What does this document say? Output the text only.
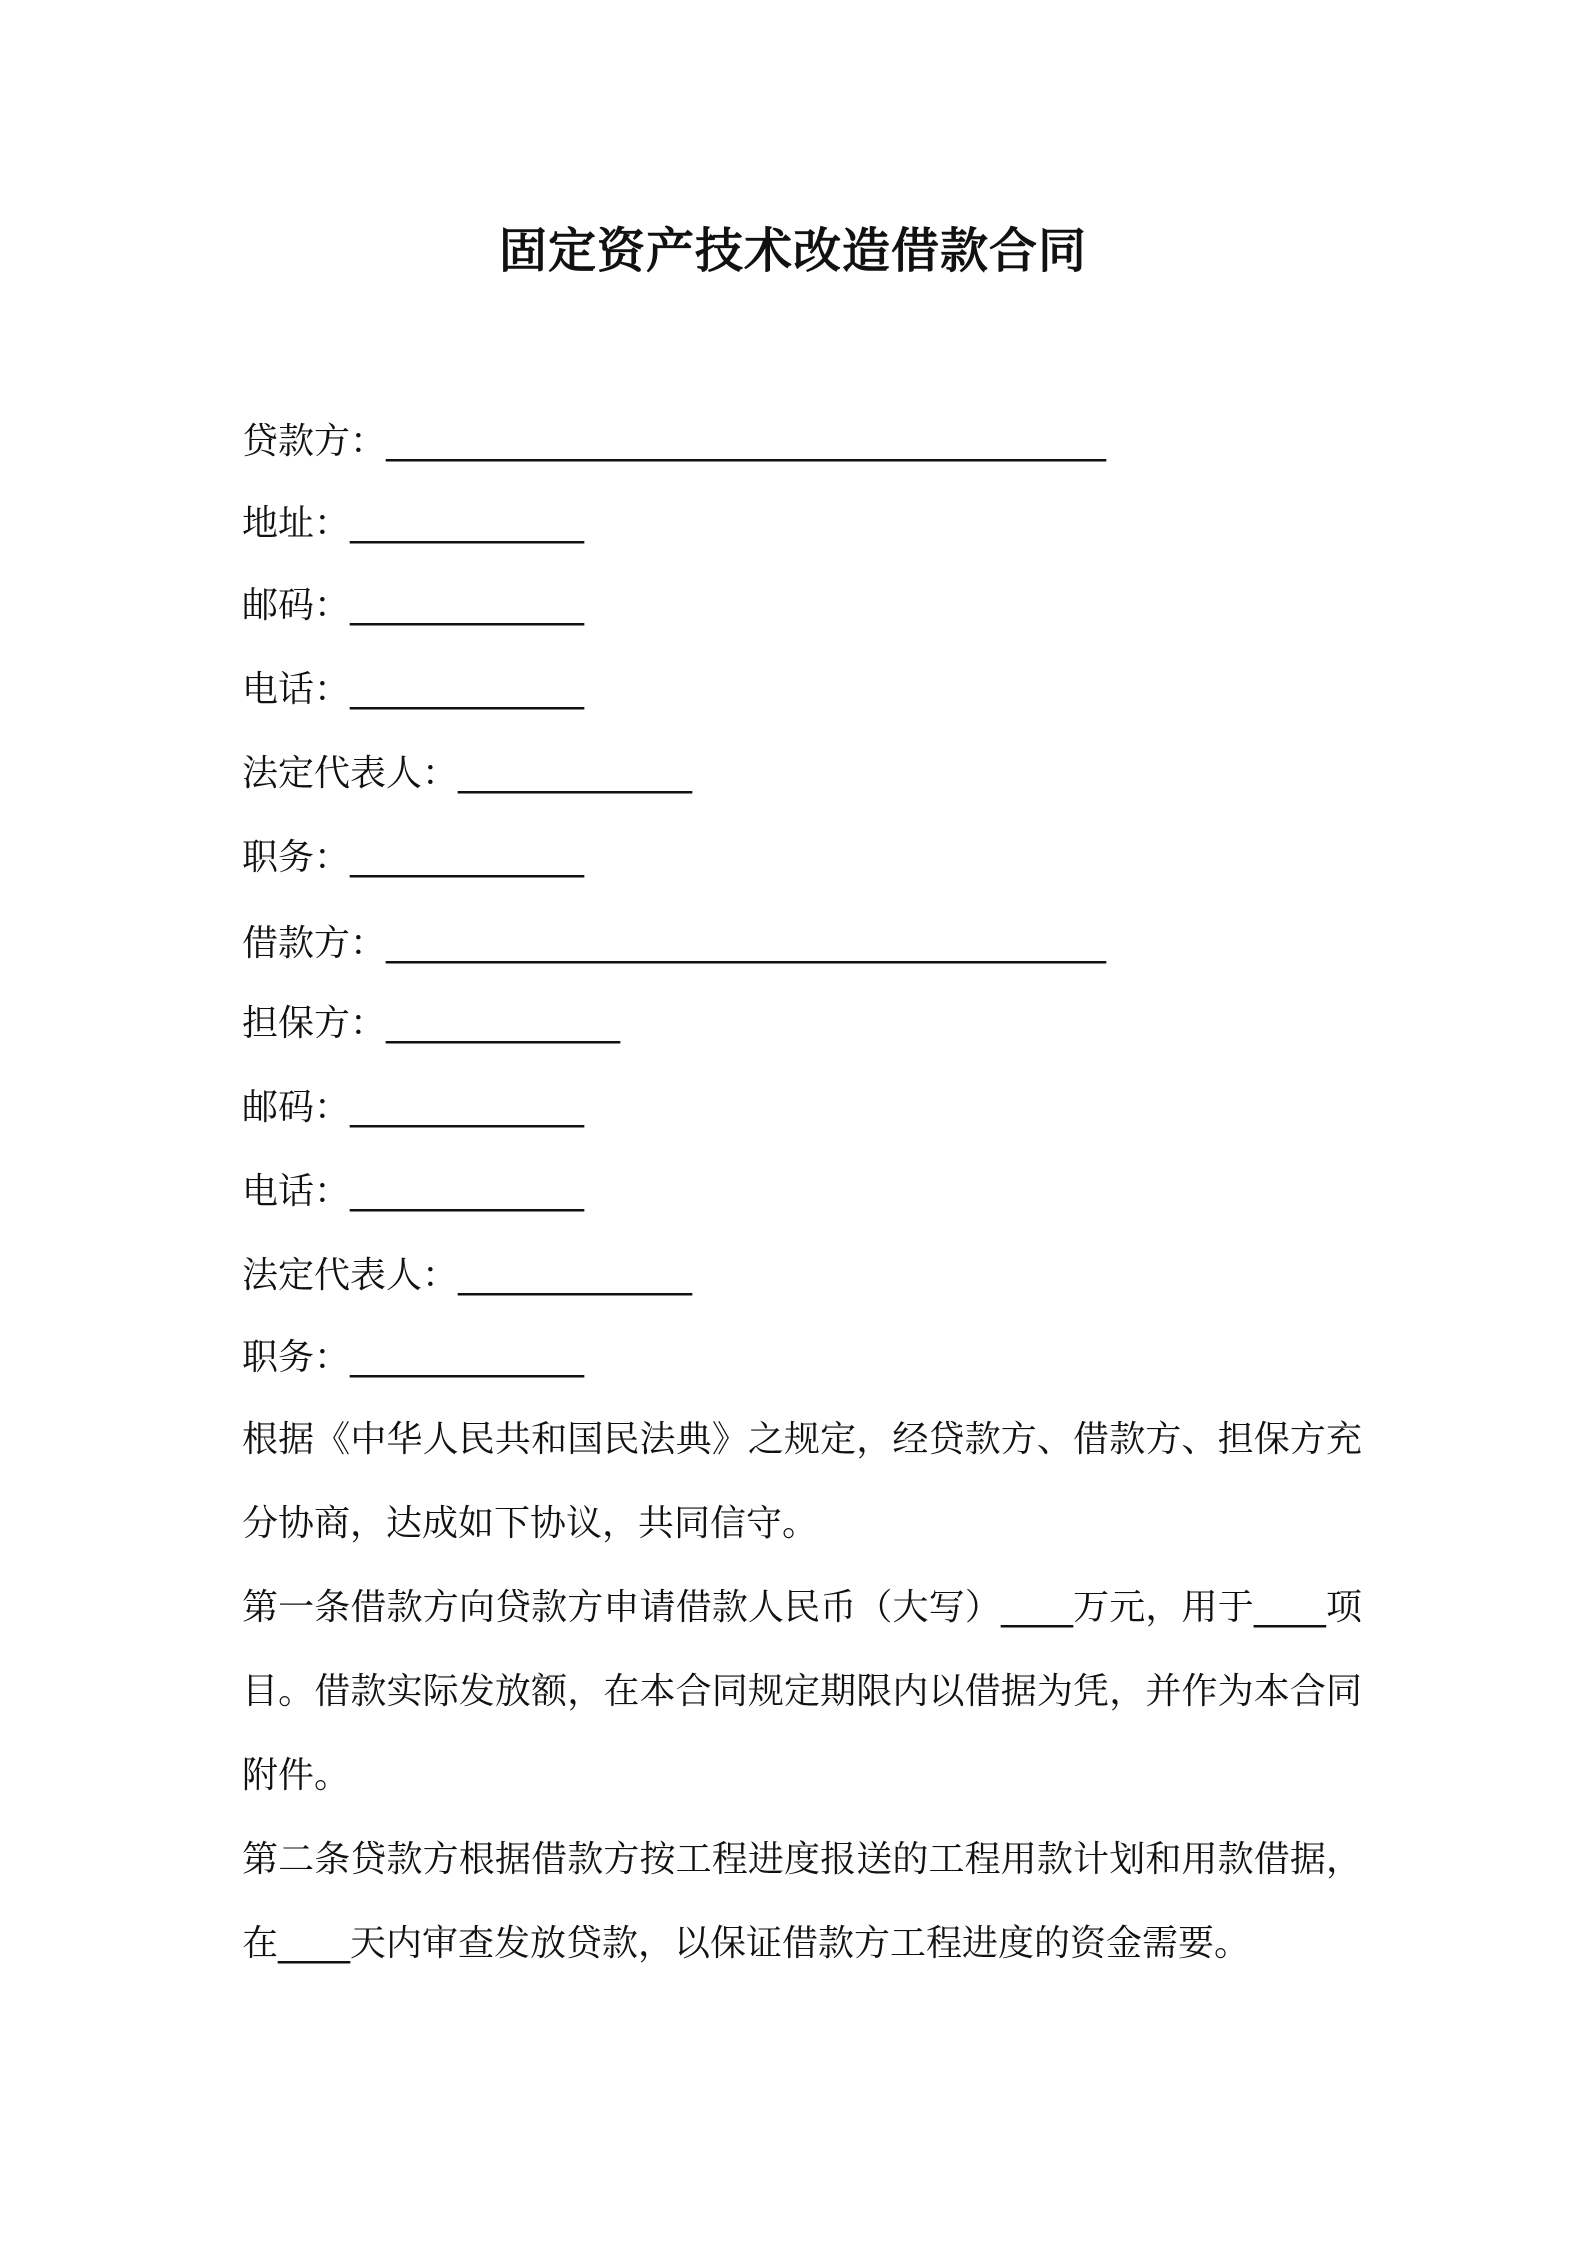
固定资产技术改造借款合同
贷款方：________________________________________
地址：_____________
邮码：_____________
电话：_____________
法定代表人：_____________
职务：_____________
借款方：________________________________________
担保方：_____________
邮码：_____________
电话：_____________
法定代表人：_____________
职务：_____________
根据《中华人民共和国民法典》之规定，经贷款方、借款方、担保方充分协商，达成如下协议，共同信守。
第一条借款方向贷款方申请借款人民币（大写）____万元，用于____项目。借款实际发放额，在本合同规定期限内以借据为凭，并作为本合同附件。
第二条贷款方根据借款方按工程进度报送的工程用款计划和用款借据，在____天内审查发放贷款，以保证借款方工程进度的资金需要。
